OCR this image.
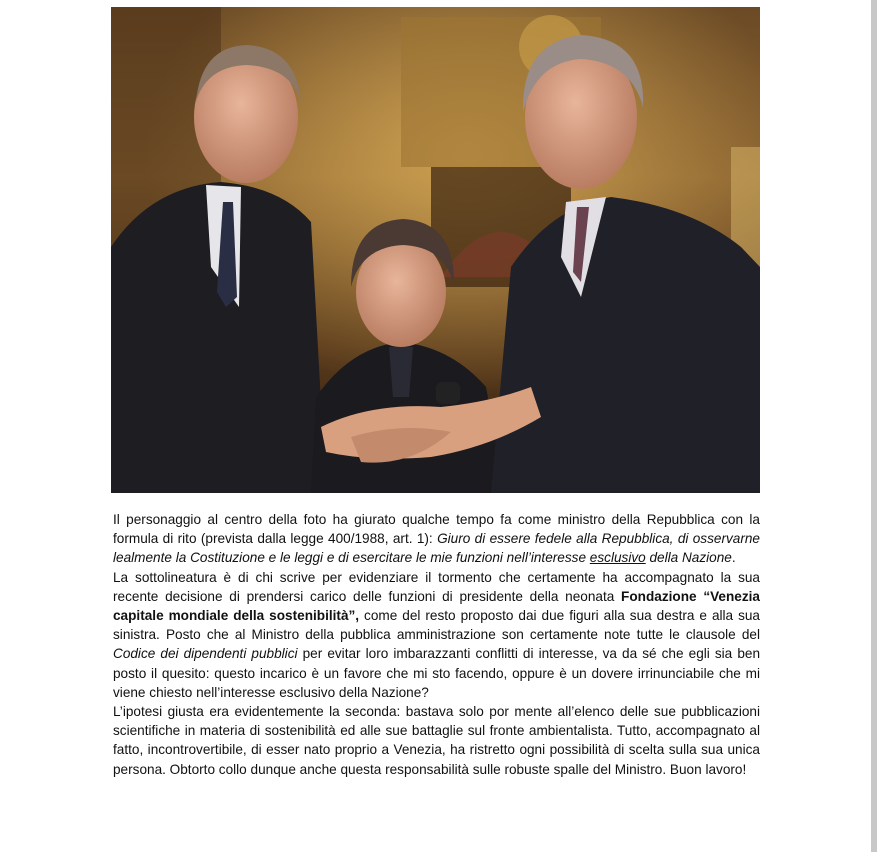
Il personaggio al centro della foto ha giurato qualche tempo fa come ministro della Repubblica con la formula di rito (prevista dalla legge 400/1988, art. 1): Giuro di essere fedele alla Repubblica, di osservarne lealmente la Costituzione e le leggi e di esercitare le mie funzioni nell’interesse esclusivo della Nazione.

La sottolineatura è di chi scrive per evidenziare il tormento che certamente ha accompagnato la sua recente decisione di prendersi carico delle funzioni di presidente della neonata Fondazione “Venezia capitale mondiale della sostenibilità”, come del resto proposto dai due figuri alla sua destra e alla sua sinistra. Posto che al Ministro della pubblica amministrazione son certamente note tutte le clausole del Codice dei dipendenti pubblici per evitar loro imbarazzanti conflitti di interesse, va da sé che egli sia ben posto il quesito: questo incarico è un favore che mi sto facendo, oppure è un dovere irrinunciabile che mi viene chiesto nell’interesse esclusivo della Nazione?

L’ipotesi giusta era evidentemente la seconda: bastava solo por mente all’elenco delle sue pubblicazioni scientifiche in materia di sostenibilità ed alle sue battaglie sul fronte ambientalista. Tutto, accompagnato al fatto, incontrovertibile, di esser nato proprio a Venezia, ha ristretto ogni possibilità di scelta sulla sua unica persona. Obtorto collo dunque anche questa responsabilità sulle robuste spalle del Ministro. Buon lavoro!
